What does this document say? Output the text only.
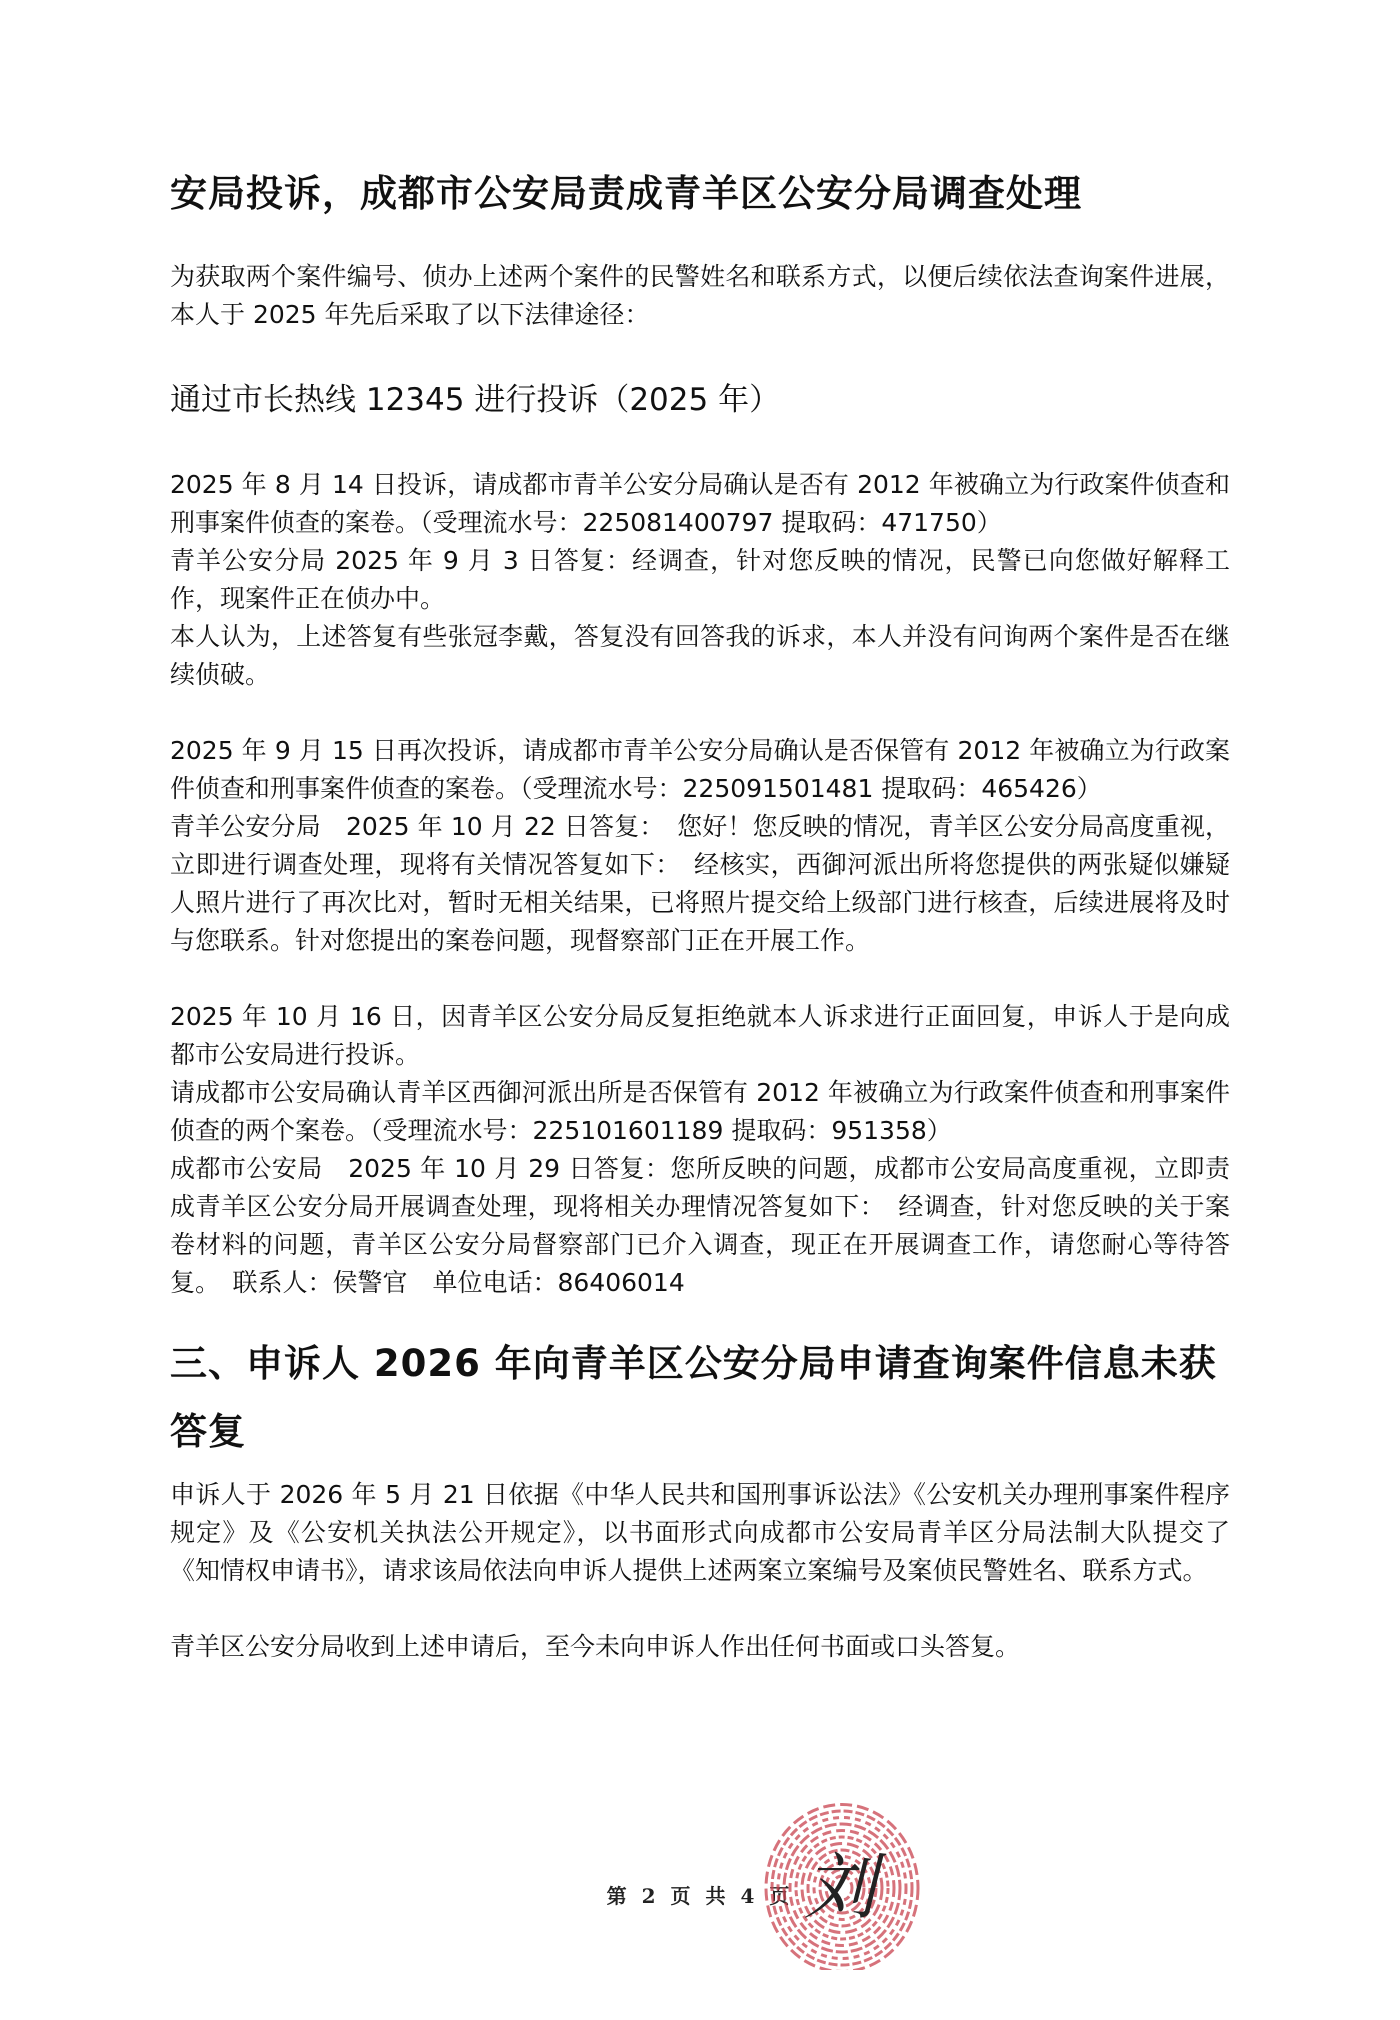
安局投诉，成都市公安局责成青羊区公安分局调查处理

为获取两个案件编号、侦办上述两个案件的民警姓名和联系方式，以便后续依法查询案件进展，本人于 2025 年先后采取了以下法律途径：

通过市长热线 12345 进行投诉（2025 年）

2025 年 8 月 14 日投诉，请成都市青羊公安分局确认是否有 2012 年被确立为行政案件侦查和刑事案件侦查的案卷。（受理流水号：225081400797 提取码：471750）

青羊公安分局 2025 年 9 月 3 日答复：经调查，针对您反映的情况，民警已向您做好解释工作，现案件正在侦办中。

本人认为，上述答复有些张冠李戴，答复没有回答我的诉求，本人并没有问询两个案件是否在继续侦破。

2025 年 9 月 15 日再次投诉，请成都市青羊公安分局确认是否保管有 2012 年被确立为行政案件侦查和刑事案件侦查的案卷。（受理流水号：225091501481 提取码：465426）

青羊公安分局　2025 年 10 月 22 日答复：　您好！您反映的情况，青羊区公安分局高度重视，立即进行调查处理，现将有关情况答复如下：　经核实，西御河派出所将您提供的两张疑似嫌疑人照片进行了再次比对，暂时无相关结果，已将照片提交给上级部门进行核查，后续进展将及时与您联系。针对您提出的案卷问题，现督察部门正在开展工作。

2025 年 10 月 16 日，因青羊区公安分局反复拒绝就本人诉求进行正面回复，申诉人于是向成都市公安局进行投诉。

请成都市公安局确认青羊区西御河派出所是否保管有 2012 年被确立为行政案件侦查和刑事案件侦查的两个案卷。（受理流水号：225101601189 提取码：951358）

成都市公安局　2025 年 10 月 29 日答复：您所反映的问题，成都市公安局高度重视，立即责成青羊区公安分局开展调查处理，现将相关办理情况答复如下：　经调查，针对您反映的关于案卷材料的问题，青羊区公安分局督察部门已介入调查，现正在开展调查工作，请您耐心等待答复。　联系人：侯警官　单位电话：86406014

三、申诉人 2026 年向青羊区公安分局申请查询案件信息未获答复

申诉人于 2026 年 5 月 21 日依据《中华人民共和国刑事诉讼法》《公安机关办理刑事案件程序规定》及《公安机关执法公开规定》，以书面形式向成都市公安局青羊区分局法制大队提交了《知情权申请书》，请求该局依法向申诉人提供上述两案立案编号及案侦民警姓名、联系方式。

青羊区公安分局收到上述申请后，至今未向申诉人作出任何书面或口头答复。

第 2 页 共 4 页 刘
